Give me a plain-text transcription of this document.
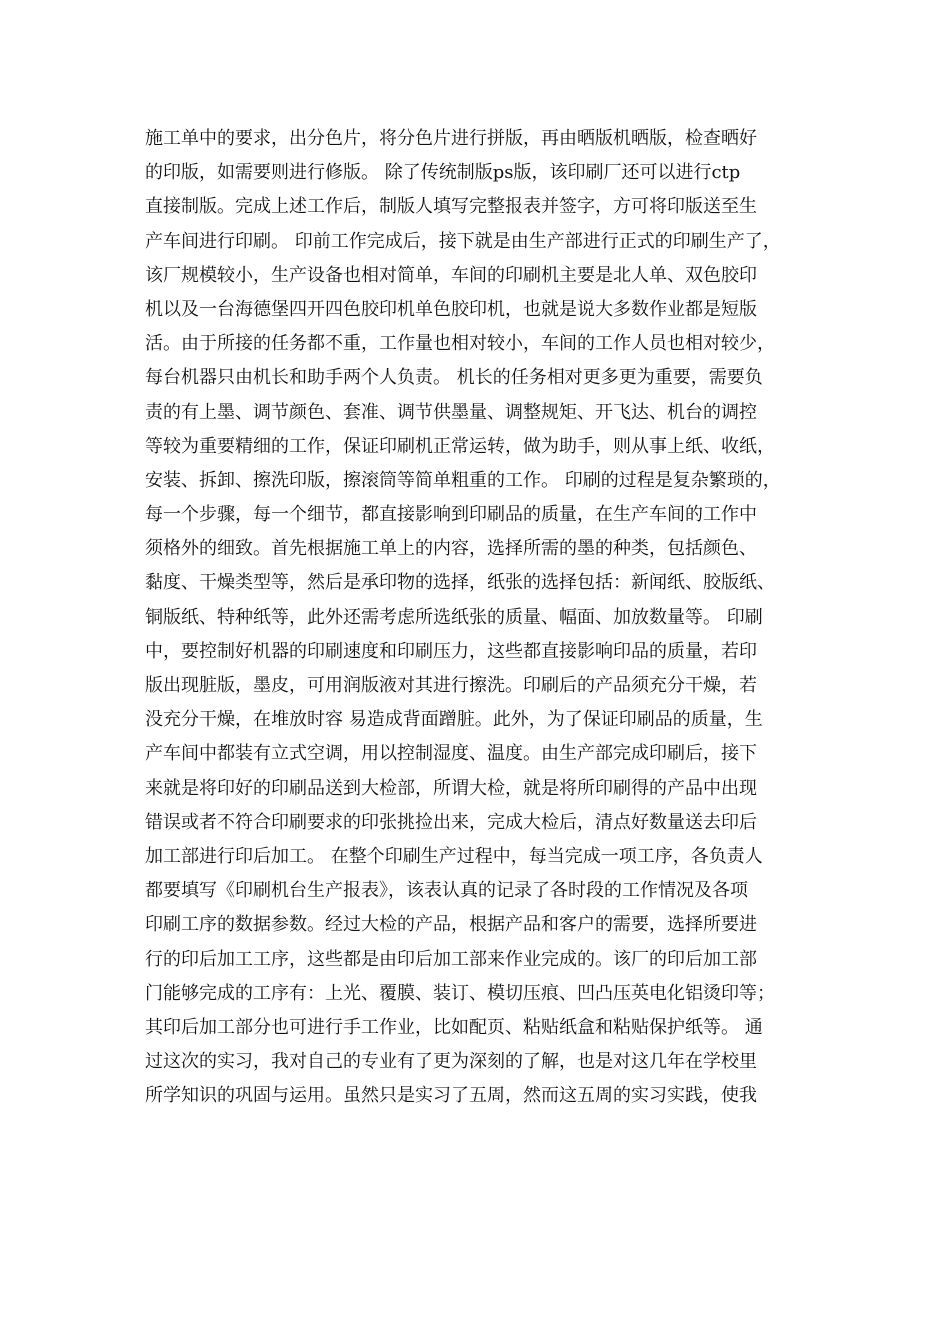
施工单中的要求，出分色片，将分色片进行拼版，再由晒版机晒版，检查晒好
的印版，如需要则进行修版。 除了传统制版ps版，该印刷厂还可以进行ctp
直接制版。完成上述工作后，制版人填写完整报表并签字，方可将印版送至生
产车间进行印刷。 印前工作完成后，接下就是由生产部进行正式的印刷生产了，
该厂规模较小，生产设备也相对简单，车间的印刷机主要是北人单、双色胶印
机以及一台海德堡四开四色胶印机单色胶印机，也就是说大多数作业都是短版
活。由于所接的任务都不重，工作量也相对较小，车间的工作人员也相对较少，
每台机器只由机长和助手两个人负责。 机长的任务相对更多更为重要，需要负
责的有上墨、调节颜色、套准、调节供墨量、调整规矩、开飞达、机台的调控
等较为重要精细的工作，保证印刷机正常运转，做为助手，则从事上纸、收纸，
安装、拆卸、擦洗印版，擦滚筒等简单粗重的工作。 印刷的过程是复杂繁琐的，
每一个步骤，每一个细节，都直接影响到印刷品的质量，在生产车间的工作中
须格外的细致。首先根据施工单上的内容，选择所需的墨的种类，包括颜色、
黏度、干燥类型等，然后是承印物的选择，纸张的选择包括：新闻纸、胶版纸、
铜版纸、特种纸等，此外还需考虑所选纸张的质量、幅面、加放数量等。 印刷
中，要控制好机器的印刷速度和印刷压力，这些都直接影响印品的质量，若印
版出现脏版，墨皮，可用润版液对其进行擦洗。印刷后的产品须充分干燥，若
没充分干燥，在堆放时容 易造成背面蹭脏。此外，为了保证印刷品的质量，生
产车间中都装有立式空调，用以控制湿度、温度。由生产部完成印刷后，接下
来就是将印好的印刷品送到大检部，所谓大检，就是将所印刷得的产品中出现
错误或者不符合印刷要求的印张挑捡出来，完成大检后，清点好数量送去印后
加工部进行印后加工。 在整个印刷生产过程中，每当完成一项工序，各负责人
都要填写《印刷机台生产报表》，该表认真的记录了各时段的工作情况及各项
印刷工序的数据参数。经过大检的产品，根据产品和客户的需要，选择所要进
行的印后加工工序，这些都是由印后加工部来作业完成的。该厂的印后加工部
门能够完成的工序有：上光、覆膜、装订、模切压痕、凹凸压英电化铝烫印等；
其印后加工部分也可进行手工作业，比如配页、粘贴纸盒和粘贴保护纸等。 通
过这次的实习，我对自己的专业有了更为深刻的了解，也是对这几年在学校里
所学知识的巩固与运用。虽然只是实习了五周，然而这五周的实习实践，使我
